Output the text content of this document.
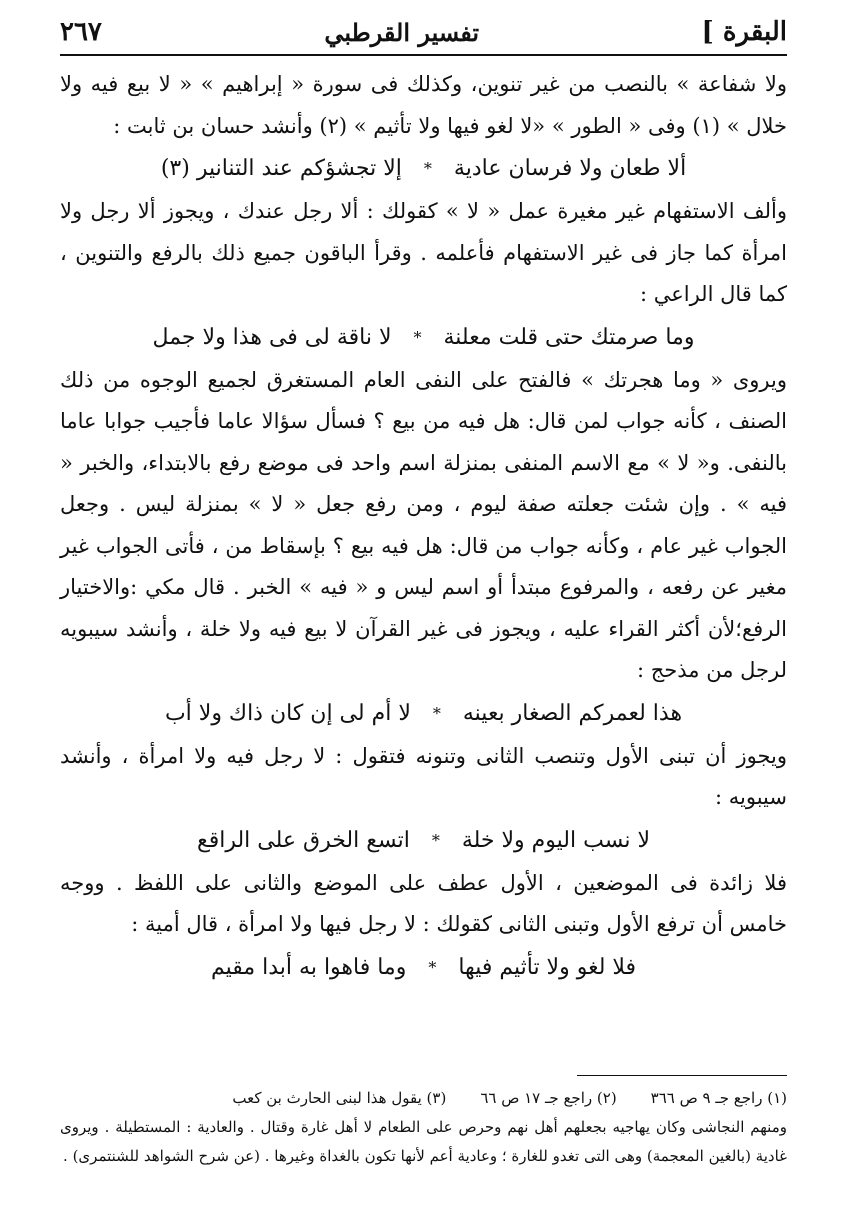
٢٦٧	تفسير القرطبي	البقرة ]

ولا شفاعة » بالنصب من غير تنوين، وكذلك فى سورة « إبراهيم » « لا بيع فيه ولا خلال » (١) وفى « الطور » «لا لغو فيها ولا تأثيم » (٢) وأنشد حسان بن ثابت :

ألا طعان ولا فرسان عادية
*
إلا تجشؤكم عند التنانير (٣)

وألف الاستفهام غير مغيرة عمل « لا » كقولك : ألا رجل عندك ، ويجوز ألا رجل ولا امرأة كما جاز فى غير الاستفهام فأعلمه . وقرأ الباقون جميع ذلك بالرفع والتنوين ، كما قال الراعي :

وما صرمتك حتى قلت معلنة
*
لا ناقة لى فى هذا ولا جمل

ويروى « وما هجرتك » فالفتح على النفى العام المستغرق لجميع الوجوه من ذلك الصنف ، كأنه جواب لمن قال: هل فيه من بيع ؟ فسأل سؤالا عاما فأجيب جوابا عاما بالنفى. و« لا » مع الاسم المنفى بمنزلة اسم واحد فى موضع رفع بالابتداء، والخبر « فيه » . وإن شئت جعلته صفة ليوم ، ومن رفع جعل « لا » بمنزلة ليس . وجعل الجواب غير عام ، وكأنه جواب من قال: هل فيه بيع ؟ بإسقاط من ، فأتى الجواب غير مغير عن رفعه ، والمرفوع مبتدأ أو اسم ليس و « فيه » الخبر . قال مكي :والاختيار الرفع؛لأن أكثر القراء عليه ، ويجوز فى غير القرآن لا بيع فيه ولا خلة ، وأنشد سيبويه لرجل من مذحج :

هذا لعمركم الصغار بعينه
*
لا أم لى إن كان ذاك ولا أب

ويجوز أن تبنى الأول وتنصب الثانى وتنونه فتقول : لا رجل فيه ولا امرأة ، وأنشد سيبويه :

لا نسب اليوم ولا خلة
*
اتسع الخرق على الراقع

فلا زائدة فى الموضعين ، الأول عطف على الموضع والثانى على اللفظ . ووجه خامس أن ترفع الأول وتبنى الثانى كقولك : لا رجل فيها ولا امرأة ، قال أمية :

فلا لغو ولا تأثيم فيها
*
وما فاهوا به أبدا مقيم
(١) راجع جـ ٩ ص ٣٦٦
(٢) راجع جـ ١٧ ص ٦٦
(٣) يقول هذا لبنى الحارث بن كعب

ومنهم النجاشى وكان يهاجيه بجعلهم أهل نهم وحرص على الطعام لا أهل غارة وقتال . والعادية : المستطيلة . ويروى غادية (بالغين المعجمة) وهى التى تغدو للغارة ؛ وعادية أعم لأنها تكون بالغداة وغيرها . (عن شرح الشواهد للشنتمرى) .
